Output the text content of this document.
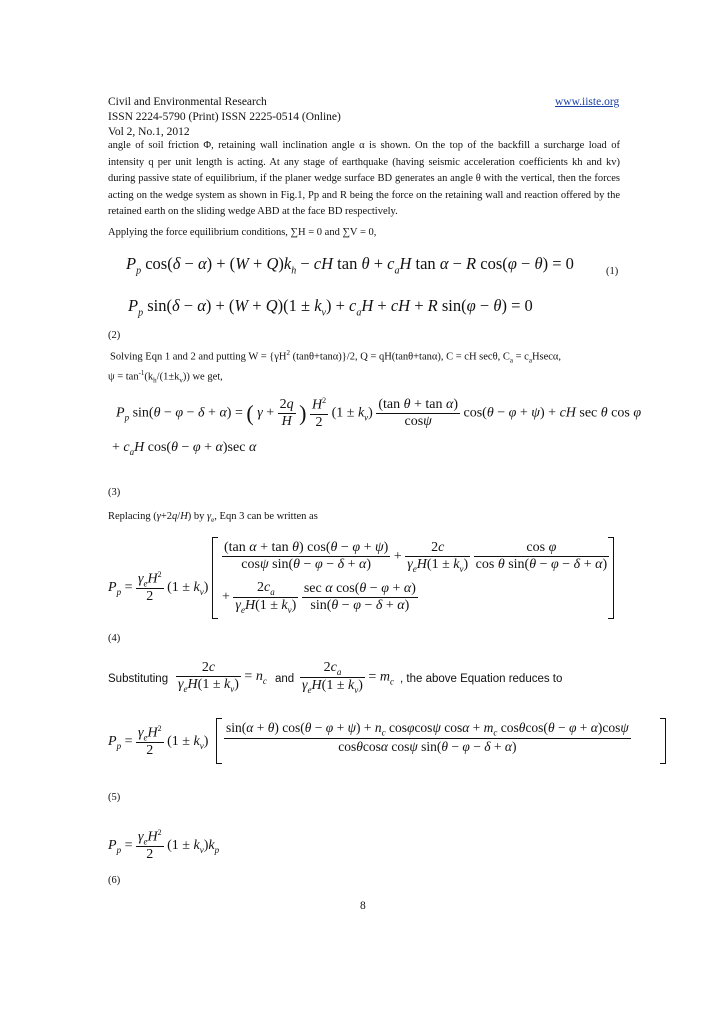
Civil and Environmental Research	www.iiste.org
ISSN 2224-5790 (Print) ISSN 2225-0514 (Online)
Vol 2, No.1, 2012
angle of soil friction Φ, retaining wall inclination angle α is shown. On the top of the backfill a surcharge load of intensity q per unit length is acting. At any stage of earthquake (having seismic acceleration coefficients kh and kv) during passive state of equilibrium, if the planer wedge surface BD generates an angle θ with the vertical, then the forces acting on the wedge system as shown in Fig.1, Pp and R being the force on the retaining wall and reaction offered by the retained earth on the sliding wedge ABD at the face BD respectively.
Applying the force equilibrium conditions, ∑H = 0 and ∑V = 0,
$P_p$ $\cos(\delta - \alpha) + (W + Q)k_h$ − cH $\tan \theta + c_aH$ tan α − R cos(φ − θ) = 0	(1)
$P_p$ $\sin(\delta - \alpha) + (W + Q)(1 \pm k_v) + c_aH$ + cH + R sin(φ − θ) = 0
(2)
Solving Eqn 1 and 2 and putting $W = \{\gamma H^2$ (tanθ+tanα)}/2, Q = qH(tanθ+tanα), C = cH secθ, $C_a = c_aHsec\alpha$,
$\psi = \tan^{-1}(k_h/(1\pm k_v))$ we get,
$P_p$ sin(θ − φ − δ + α) = ( $\gamma + \frac{2q}{H}$ ) $\frac{H^2}{2} (1 \pm k_v) \frac{\text{(tan θ + tan α)}}{\cos\psi} \cos(\theta - \varphi + \psi)$ + cH sec θ cos φ
+ $c_aH$ cos(θ − φ + α)sec α
(3)
Replacing (γ+2q/H) by $\gamma_e$, Eqn 3 can be written as
$P_p = \frac{\gamma_eH^2}{2} (1 \pm k_v)$
$\frac{\text{(tan α + tan θ) cos(θ − φ + ψ)}}{\text{cosψ sin(θ − φ − δ + α)}} + \frac{2c}{\gamma_eH(1 \pm k_v)}$
$\frac{\text{cos φ}}{\text{cos θ sin(θ − φ − δ + α)}}$
+ $\frac{2c_a}{\gamma_eH(1 \pm k_v)}$
$\frac{\text{sec α cos(θ − φ + α)}}{\sin(\theta - \varphi - \delta + \alpha)}$
(4)
Substituting $\frac{2c}{\gamma_eH(1 \pm k_v)} = n_c$ and $\frac{2c_a}{\gamma_eH(1 \pm k_v)} = m_c$ , the above Equation reduces to
$P_p = \frac{\gamma_eH^2}{2} (1 \pm k_v)$
sin(α + θ) $\cos(\theta - \varphi + \psi) + n_c$ cosφcosψ $\cos\alpha + m_c$ cosθcos(θ − φ + α)cosψ
cosθcosα cosψ sin(θ − φ − δ + α)
(5)
$P_p = \frac{\gamma_eH^2}{2} (1 \pm k_v)k_p$
(6)
8
